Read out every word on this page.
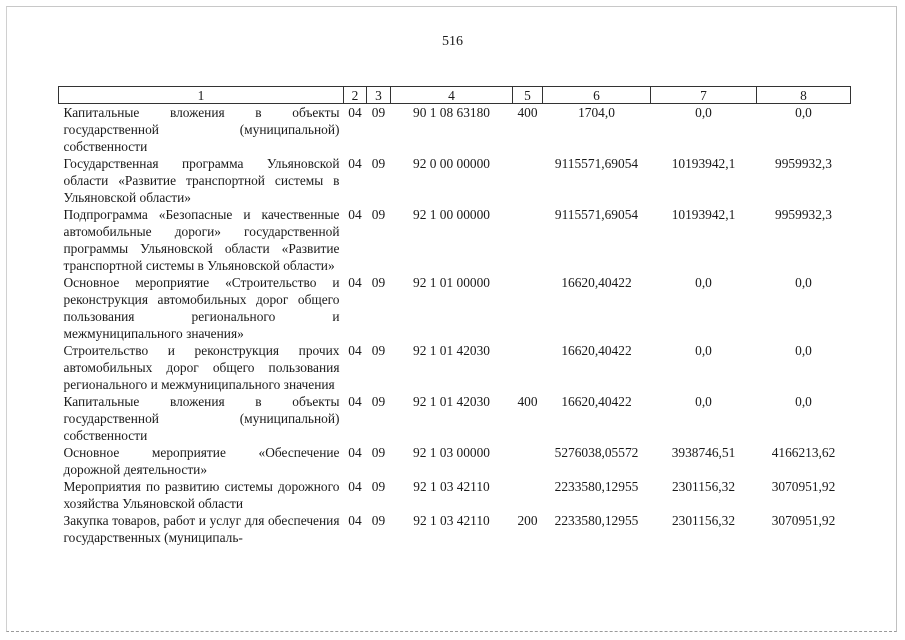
516
1	2	3	4	5	6	7	8
Капитальные вложения в объекты государственной (муниципальной) собственности	04	09	90 1 08 63180	400	1704,0	0,0	0,0
Государственная программа Ульяновской области «Развитие транспортной системы в Ульяновской области»	04	09	92 0 00 00000		9115571,69054	10193942,1	9959932,3
Подпрограмма «Безопасные и качественные автомобильные дороги» государственной программы Ульяновской области «Развитие транспортной системы в Ульяновской области»	04	09	92 1 00 00000		9115571,69054	10193942,1	9959932,3
Основное мероприятие «Строительство и реконструкция автомобильных дорог общего пользования регионального и межмуниципального значения»	04	09	92 1 01 00000		16620,40422	0,0	0,0
Строительство и реконструкция прочих автомобильных дорог общего пользования регионального и межмуниципального значения	04	09	92 1 01 42030		16620,40422	0,0	0,0
Капитальные вложения в объекты государственной (муниципальной) собственности	04	09	92 1 01 42030	400	16620,40422	0,0	0,0
Основное мероприятие «Обеспечение дорожной деятельности»	04	09	92 1 03 00000		5276038,05572	3938746,51	4166213,62
Мероприятия по развитию системы дорожного хозяйства Ульяновской области	04	09	92 1 03 42110		2233580,12955	2301156,32	3070951,92
Закупка товаров, работ и услуг для обеспечения государственных (муниципаль-	04	09	92 1 03 42110	200	2233580,12955	2301156,32	3070951,92
